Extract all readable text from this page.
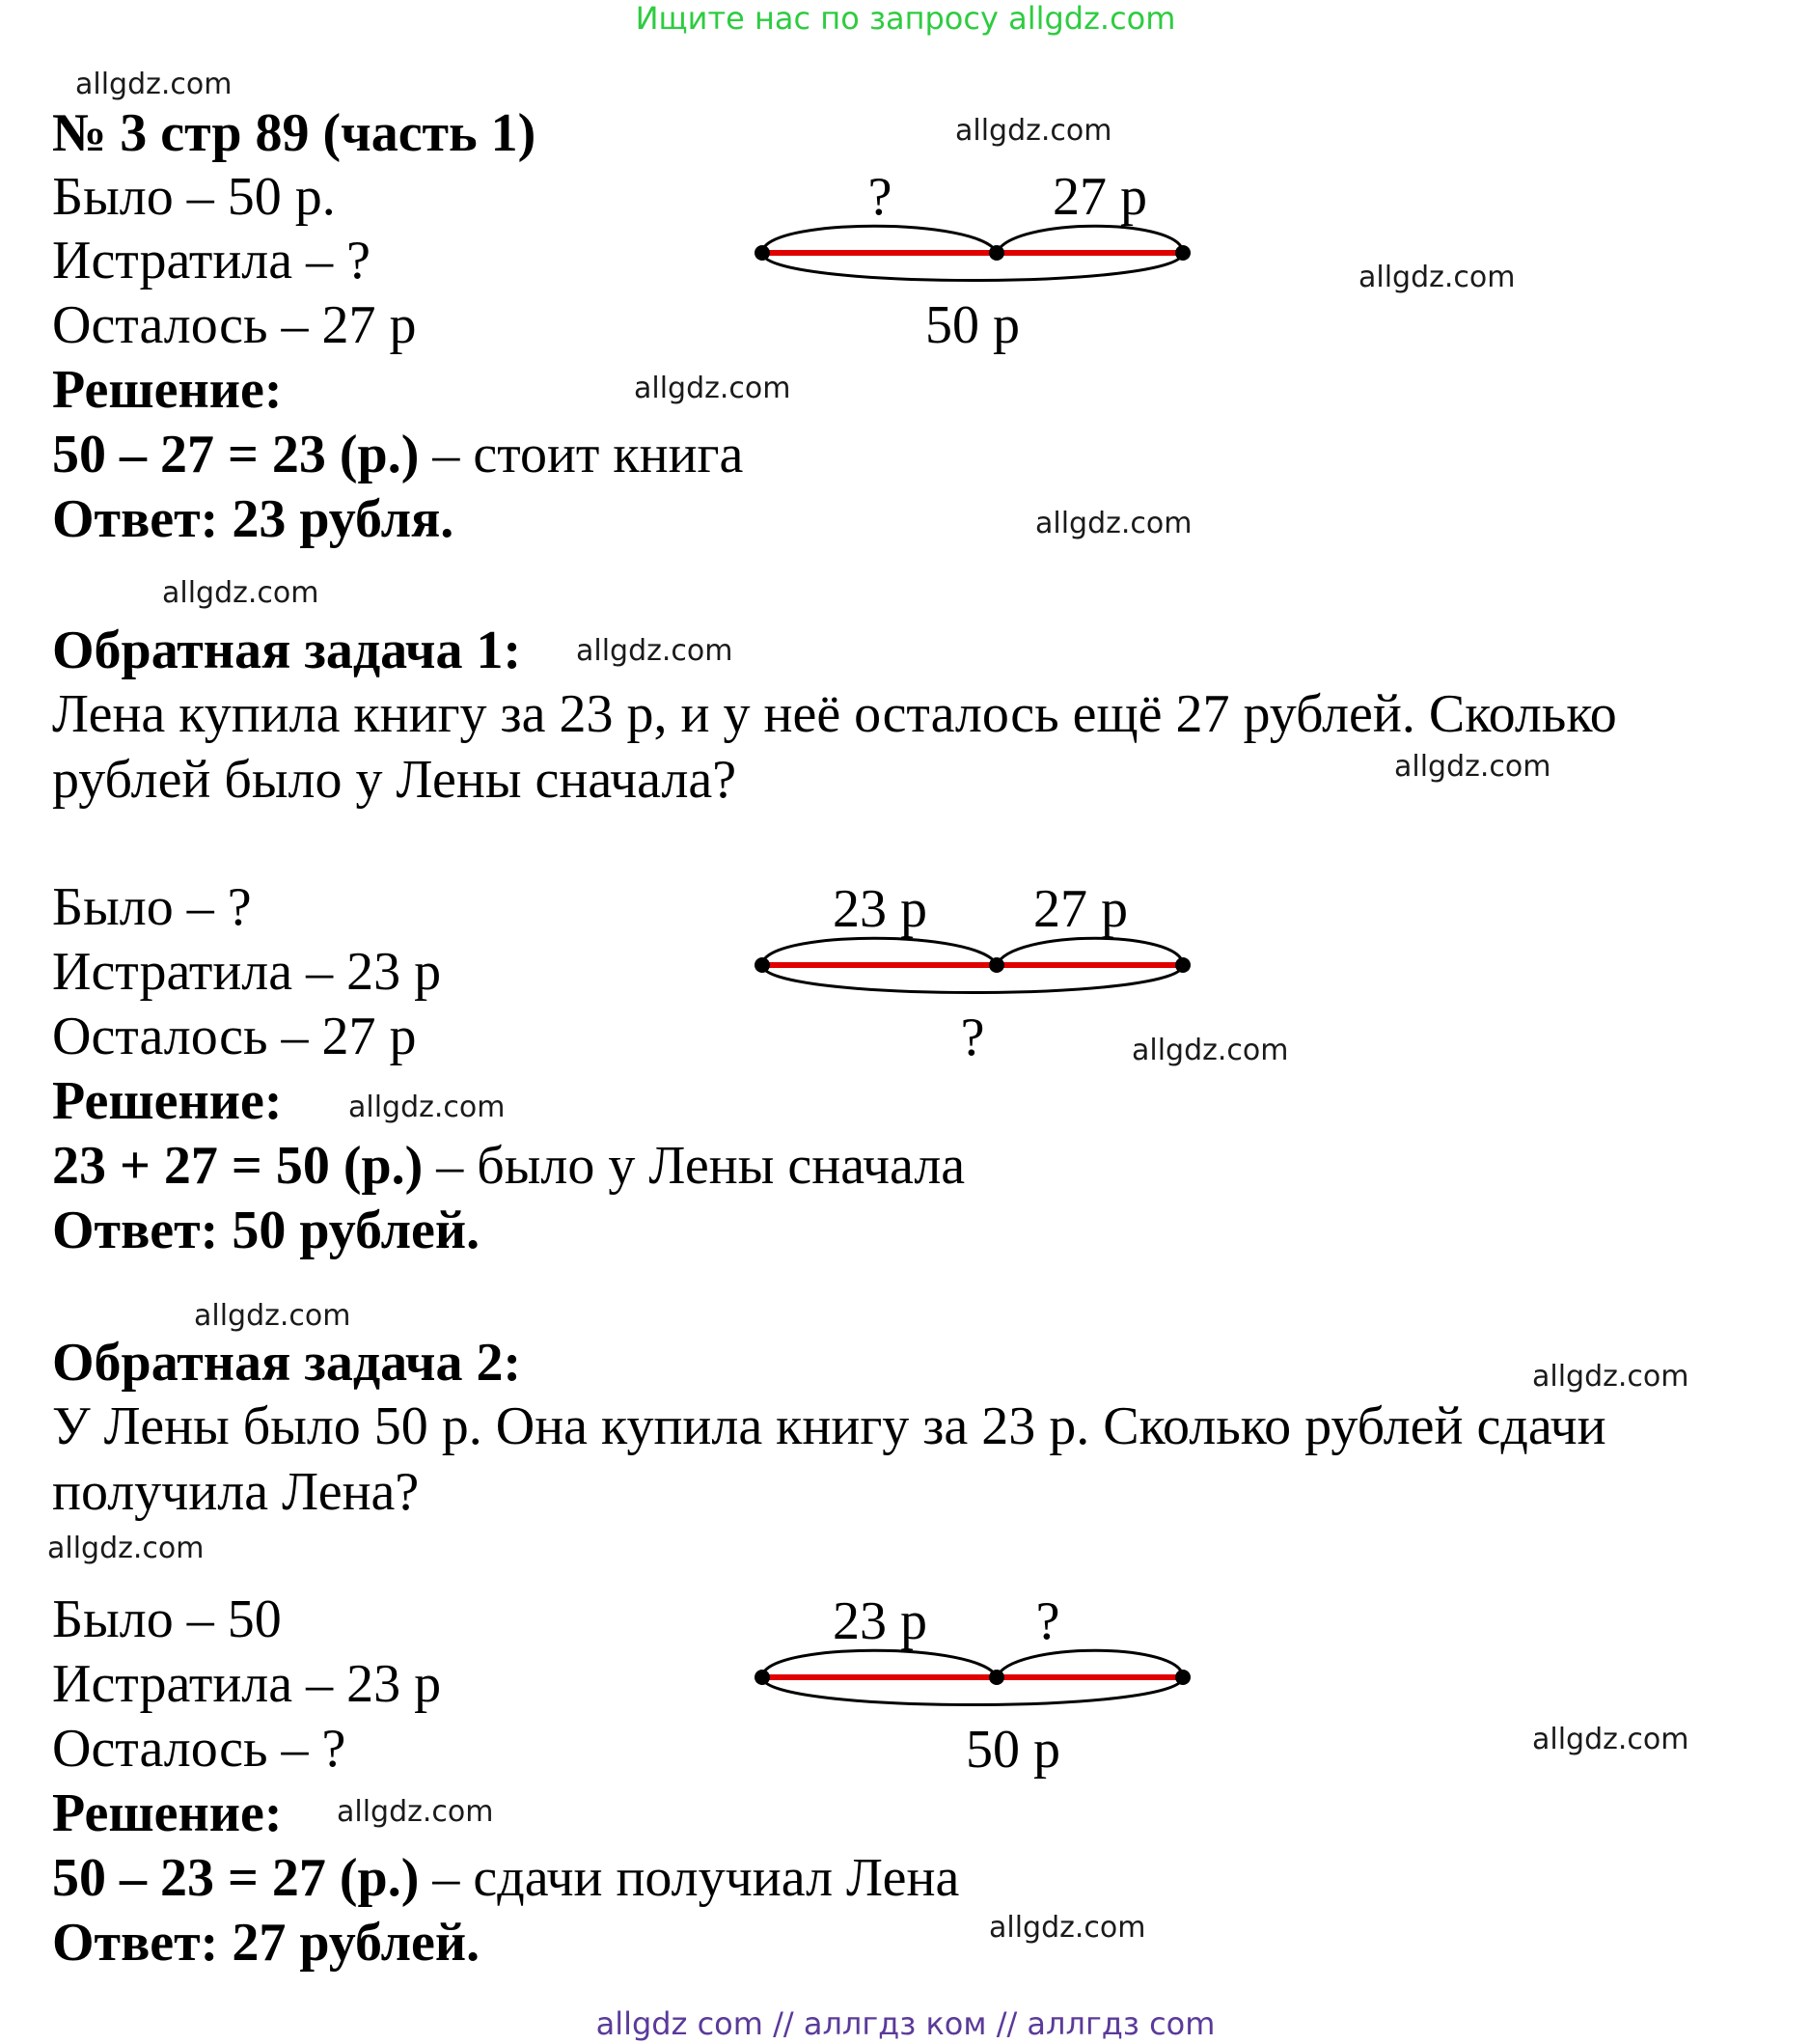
Ищите нас по запросу allgdz.com
allgdz com // аллгдз ком // аллгдз com
allgdz.com
allgdz.com
allgdz.com
allgdz.com
allgdz.com
allgdz.com
allgdz.com
allgdz.com
allgdz.com
allgdz.com
allgdz.com
allgdz.com
allgdz.com
allgdz.com
allgdz.com
allgdz.com
№ 3 стр 89 (часть 1)
Было – 50 р.
Истратила – ?
Осталось – 27 р
Решение:
50 – 27 = 23 (р.) – стоит книга
Ответ: 23 рубля.
?	27 р
50 р
Обратная задача 1:
Лена купила книгу за 23 р, и у неё осталось ещё 27 рублей. Сколько рублей было у Лены сначала?
Было – ?
Истратила – 23 р
Осталось – 27 р
Решение:
23 + 27 = 50 (р.) – было у Лены сначала
Ответ: 50 рублей.
23 р 27 р
?
Обратная задача 2:
У Лены было 50 р. Она купила книгу за 23 р. Сколько рублей сдачи получила Лена?
Было – 50
Истратила – 23 р
Осталось – ?
Решение:
50 – 23 = 27 (р.) – сдачи получиал Лена
Ответ: 27 рублей.
23 р ?
50 р
